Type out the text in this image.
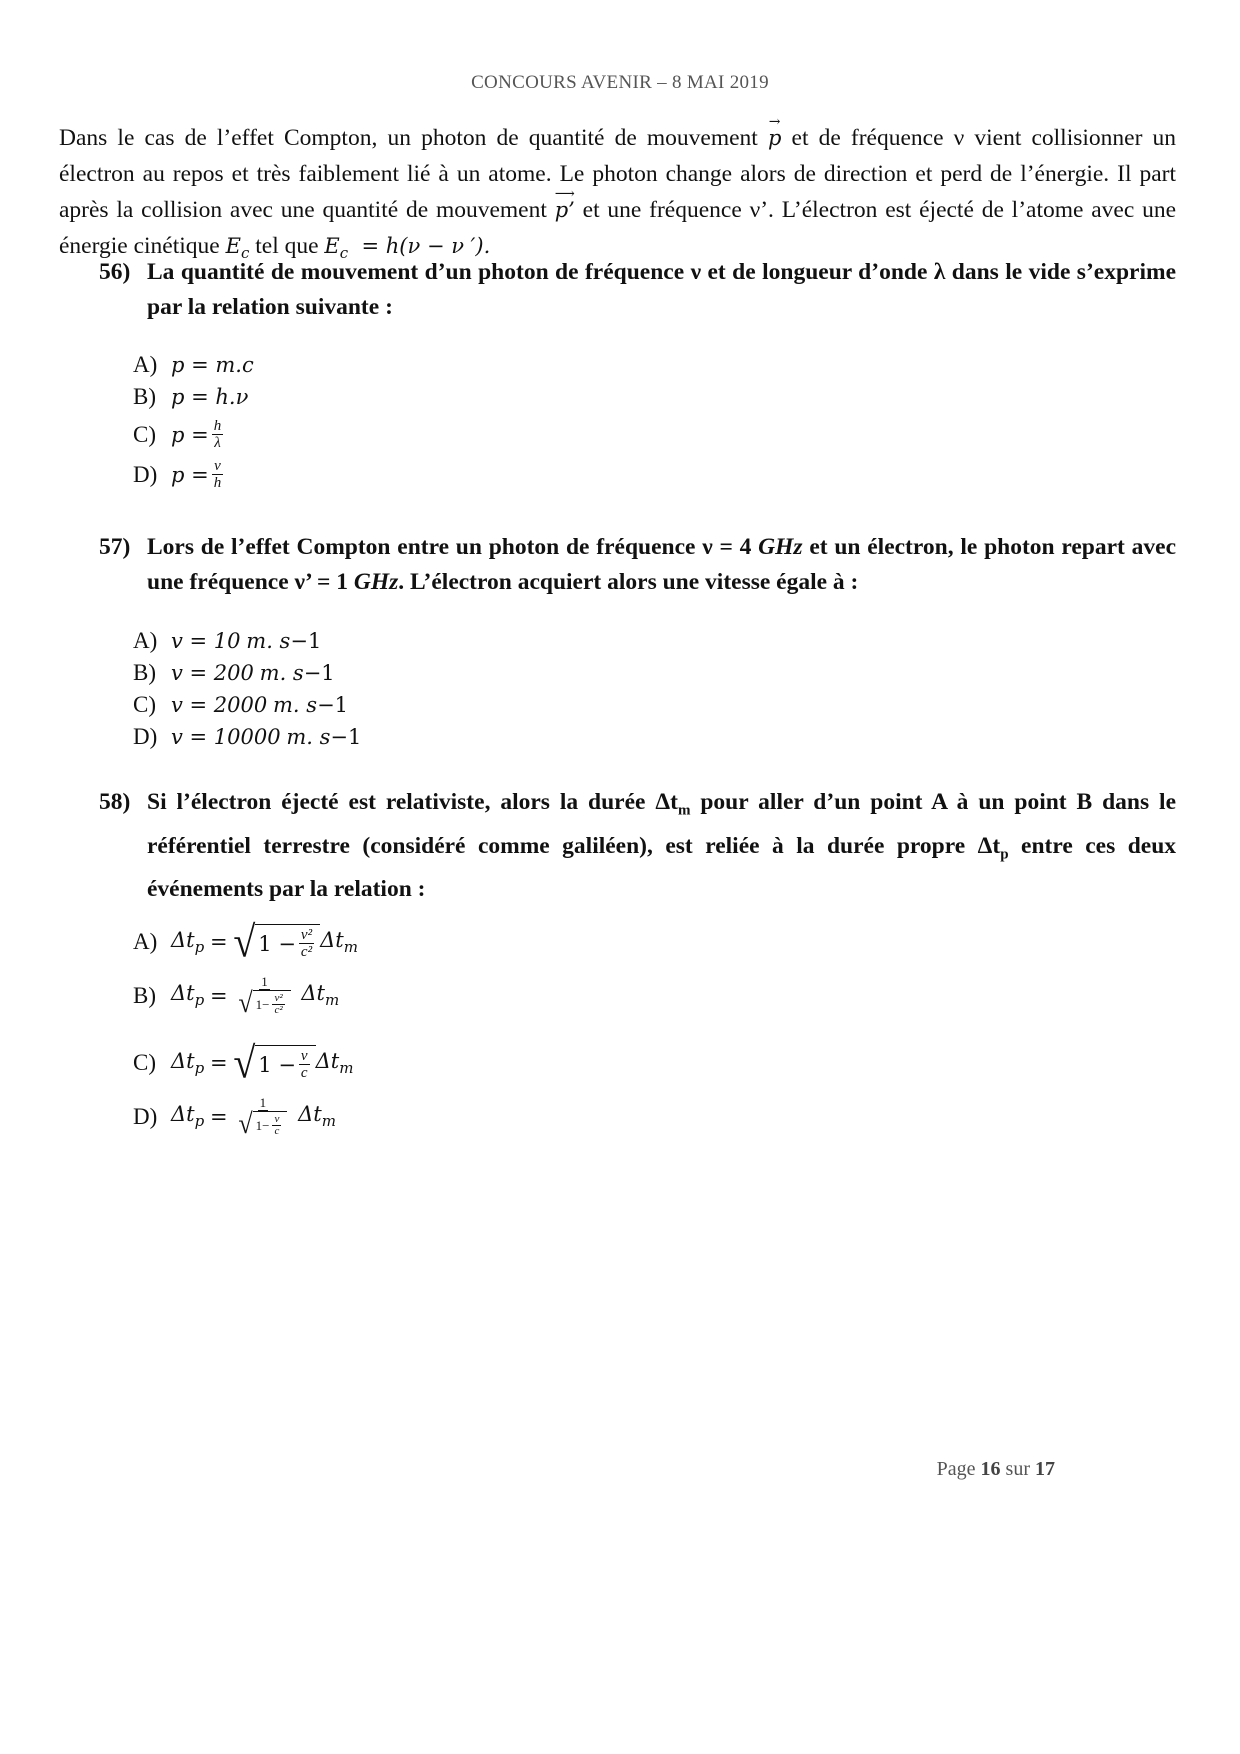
CONCOURS AVENIR – 8 MAI 2019

Dans le cas de l’effet Compton, un photon de quantité de mouvement
→
p et de fréquence ν vient collisionner un électron au repos et très faiblement lié à un atome. Le photon change alors de direction et perd de l’énergie. Il part après la collision avec une quantité de mouvement
⟶
p’ et une fréquence ν’. L’électron est éjecté de l’atome avec une énergie cinétique $E_c$ tel que $E_c = h(\nu - \nu$ ′).

56) La quantité de mouvement d’un photon de fréquence ν et de longueur d’onde λ dans le vide s’exprime par la relation suivante :
A) p = m.c
B) p = h.ν
C) $p = \frac{h}{\lambda}$
D) $p = \frac{\nu}{h}$
57) Lors de l’effet Compton entre un photon de fréquence ν = 4 GHz et un électron, le photon repart avec une fréquence ν’ = 1 GHz. L’électron acquiert alors une vitesse égale à :
A) v = 10
m. s −1
B) v = 200
m. s −1
C) v = 2000
m. s −1
D) v = 10000
m. s −1
58) Si l’électron éjecté est relativiste, alors la durée $\Delta t_m$ pour aller d’un point A à un point B dans le référentiel terrestre (considéré comme galiléen), est reliée à la durée propre $\Delta t_p$ entre ces deux événements par la relation :
A) $\Delta t_p$
=
√ $1 - \frac{\text{v²}}{\text{c²}} \Delta t_m$
B) $\Delta t_p$
=
$\frac{1}{√ 1- \frac{\text{v²}}{\text{c²}}}$
$\Delta t_m$
C) $\Delta t_p$
=
√ $1 - \frac{v}{c} \Delta t_m$
D) $\Delta t_p$
=
$\frac{1}{√ 1- \frac{v}{c}}$
$\Delta t_m$
Page 16 sur 17
